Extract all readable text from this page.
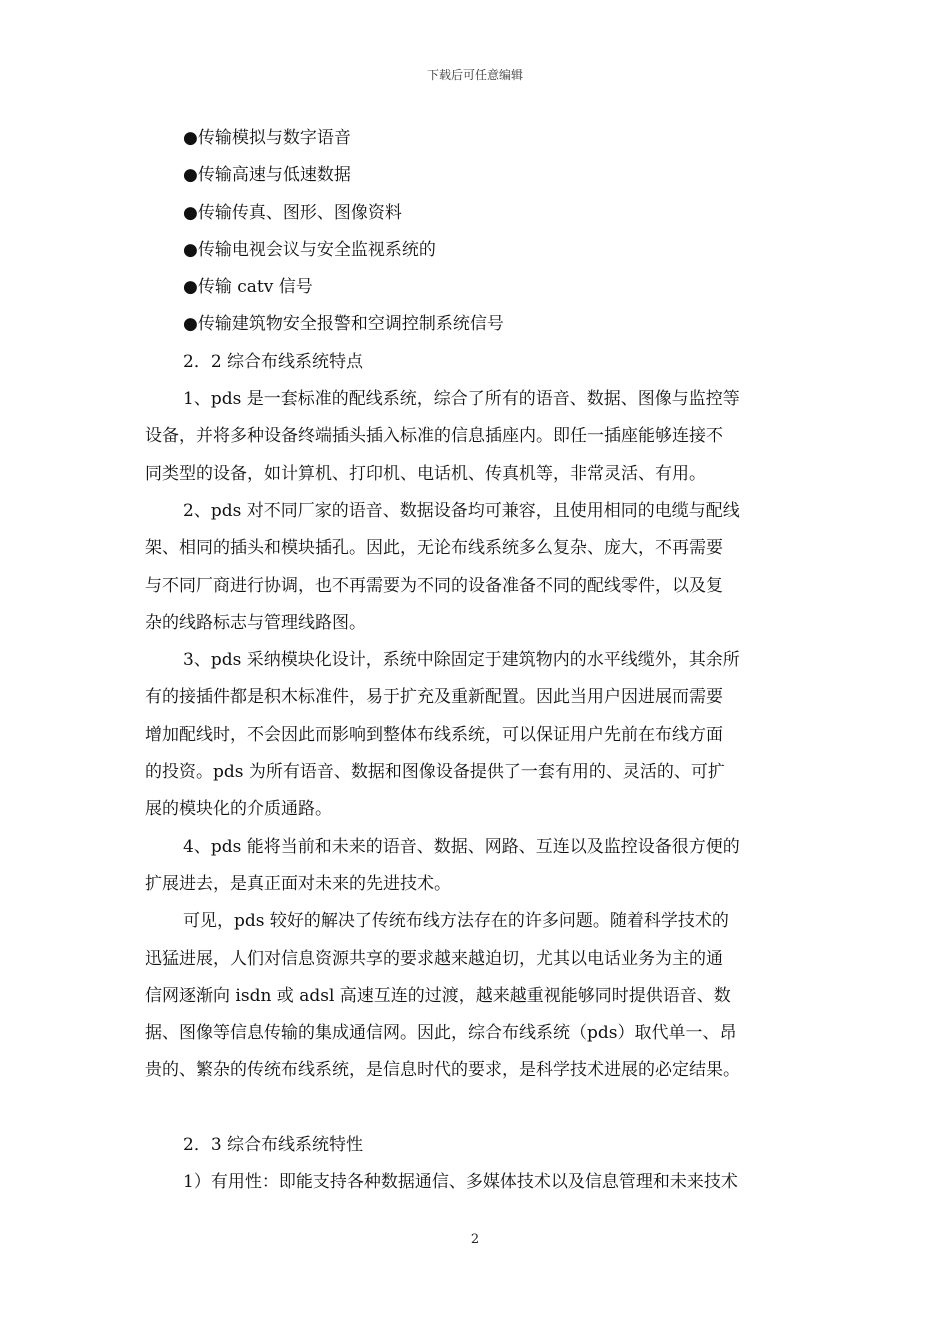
下载后可任意编辑
●传输模拟与数字语音
●传输高速与低速数据
●传输传真、图形、图像资料
●传输电视会议与安全监视系统的
●传输 catv 信号
●传输建筑物安全报警和空调控制系统信号
2．2 综合布线系统特点
1、pds 是一套标准的配线系统，综合了所有的语音、数据、图像与监控等
设备，并将多种设备终端插头插入标准的信息插座内。即任一插座能够连接不
同类型的设备，如计算机、打印机、电话机、传真机等，非常灵活、有用。
2、pds 对不同厂家的语音、数据设备均可兼容，且使用相同的电缆与配线
架、相同的插头和模块插孔。因此，无论布线系统多么复杂、庞大，不再需要
与不同厂商进行协调，也不再需要为不同的设备准备不同的配线零件，以及复
杂的线路标志与管理线路图。
3、pds 采纳模块化设计，系统中除固定于建筑物内的水平线缆外，其余所
有的接插件都是积木标准件，易于扩充及重新配置。因此当用户因进展而需要
增加配线时，不会因此而影响到整体布线系统，可以保证用户先前在布线方面
的投资。pds 为所有语音、数据和图像设备提供了一套有用的、灵活的、可扩
展的模块化的介质通路。
4、pds 能将当前和未来的语音、数据、网路、互连以及监控设备很方便的
扩展进去，是真正面对未来的先进技术。
可见，pds 较好的解决了传统布线方法存在的许多问题。随着科学技术的
迅猛进展，人们对信息资源共享的要求越来越迫切，尤其以电话业务为主的通
信网逐渐向 isdn 或 adsl 高速互连的过渡，越来越重视能够同时提供语音、数
据、图像等信息传输的集成通信网。因此，综合布线系统（pds）取代单一、昂
贵的、繁杂的传统布线系统，是信息时代的要求，是科学技术进展的必定结果。
2．3 综合布线系统特性
1）有用性：即能支持各种数据通信、多媒体技术以及信息管理和未来技术
2
